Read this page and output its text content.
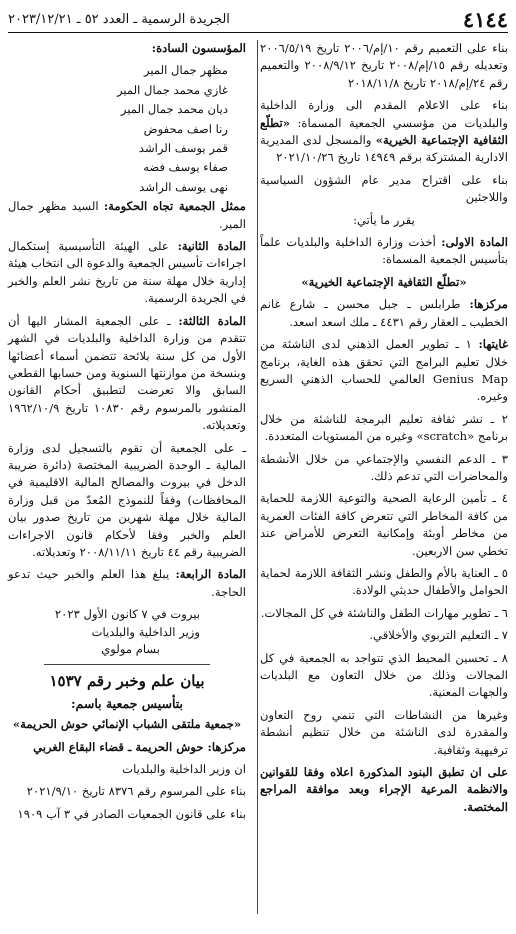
٤١٤٤
الجريدة الرسمية ـ العدد ٥٢ ـ ٢٠٢٣/١٢/٢١

بناء على التعميم رقم ١٠/إم/٢٠٠٦ تاريخ ٢٠٠٦/٥/١٩ وتعديله رقم ١٥/إم/٢٠٠٨ تاريخ ٢٠٠٨/٩/١٢ والتعميم رقم ٢٤/إم/٢٠١٨ تاريخ ٢٠١٨/١١/٨

بناء على الاعلام المقدم الى وزارة الداخلية والبلديات من مؤسسي الجمعية المسماة: «تطلّع الثقافية الإجتماعية الخيرية» والمسجل لدى المديرية الادارية المشتركة برقم ١٤٩٤٩ تاريخ ٢٠٢١/١٠/٢٦

بناء على اقتراح مدير عام الشؤون السياسية واللاجئين

يقرر ما يأتي:

المادة الاولى: أخذت وزارة الداخلية والبلديات علماً بتأسيس الجمعية المسماة:

«تطلّع الثقافية الإجتماعية الخيرية»

مركزها: طرابلس ـ جبل محسن ـ شارع غانم الخطيب ـ العقار رقم ٤٤٣١ ـ ملك اسعد اسعد.

غايتها: ١ ـ تطوير العمل الذهني لدى الناشئة من خلال تعليم البرامج التي تحقق هذه الغاية، برنامج Genius Map العالمي للحساب الذهني السريع وغيره.

٢ ـ نشر ثقافة تعليم البرمجة للناشئة من خلال برنامج «scratch» وغيره من المستويات المتعددة.

٣ ـ الدعم النفسي والإجتماعي من خلال الأنشطة والمحاضرات التي تدعم ذلك.

٤ ـ تأمين الرعاية الصحية والتوعية اللازمة للحماية من كافة المخاطر التي تتعرض كافة الفئات العمرية من مخاطر أوبئة وإمكانية التعرض للأمراض عند تخطي سن الاربعين.

٥ ـ العناية بالأم والطفل ونشر الثقافة اللازمة لحماية الحوامل والأطفال حديثي الولادة.

٦ ـ تطوير مهارات الطفل والناشئة في كل المجالات.

٧ ـ التعليم التربوي والأخلاقي.

٨ ـ تحسين المحيط الذي تتواجد به الجمعية في كل المجالات وذلك من خلال التعاون مع البلديات والجهات المعنية.

وغيرها من النشاطات التي تنمي روح التعاون والمقدرة لدى الناشئة من خلال تنظيم أنشطة ترفيهية وثقافية.

على ان تطبق البنود المذكورة اعلاه وفقا للقوانين والانظمة المرعية الإجراء وبعد موافقة المراجع المختصة.

المؤسسون السادة:

مظهر جمال المير

غازي محمد جمال المير

ديان محمد جمال المير

رنا اصف محفوض

قمر يوسف الراشد

صفاء يوسف فضه

نهى يوسف الراشد

ممثل الجمعية تجاه الحكومة: السيد مظهر جمال المير.

المادة الثانية: على الهيئة التأسيسية إستكمال اجراءات تأسيس الجمعية والدعوة الى انتخاب هيئة إدارية خلال مهلة سنة من تاريخ نشر العلم والخبر في الجريدة الرسمية.

المادة الثالثة: ـ على الجمعية المشار اليها أن تتقدم من وزارة الداخلية والبلديات في الشهر الأول من كل سنة بلائحة تتضمن أسماء أعضائها وبنسخة من موازنتها السنوية ومن حسابها القطعي السابق والا تعرضت لتطبيق أحكام القانون المنشور بالمرسوم رقم ١٠٨٣٠ تاريخ ١٩٦٢/١٠/٩ وتعديلاته.

ـ على الجمعية أن تقوم بالتسجيل لدى وزارة المالية ـ الوحدة الضريبية المختصة (دائرة ضريبة الدخل في بيروت والمصالح المالية الاقليمية في المحافظات) وفقاً للنموذج المُعدّ من قبل وزارة المالية خلال مهلة شهرين من تاريخ صدور بيان العلم والخبر وفقا لأحكام قانون الاجراءات الضريبية رقم ٤٤ تاريخ ٢٠٠٨/١١/١١ وتعديلاته.

المادة الرابعة: يبلغ هذا العلم والخبر حيث تدعو الحاجة.

بيروت في ٧ كانون الأول ٢٠٢٣

وزير الداخلية والبلديات

بسام مولوي

بيان علم وخبر رقم ١٥٣٧

بتأسيس جمعية باسم:

«جمعية ملتقى الشباب الإنمائي حوش الحريمة»

مركزها: حوش الحريمة ـ قضاء البقاع الغربي

ان وزير الداخلية والبلديات

بناء على المرسوم رقم ٨٣٧٦ تاريخ ٢٠٢١/٩/١٠

بناء على قانون الجمعيات الصادر في ٣ آب ١٩٠٩
